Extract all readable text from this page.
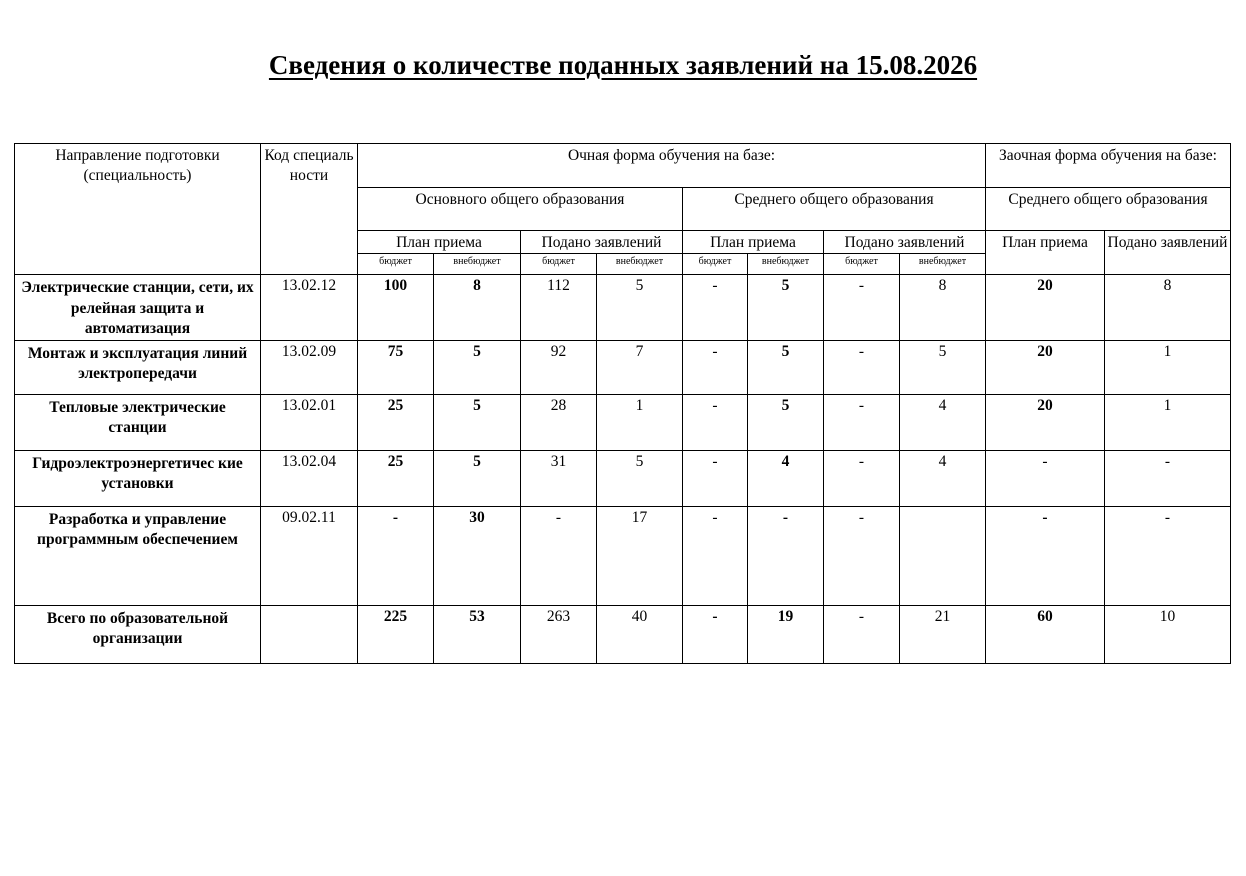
Сведения о количестве поданных заявлений на 15.08.2026
Направление подготовки (специальность)	Код специаль ности	Очная форма обучения на базе:								Заочная форма обучения на базе:	
		Основного общего образования				Среднего общего образования				Среднего общего образования	
		План приема		Подано заявлений		План приема		Подано заявлений		План приема	Подано заявлений
		бюджет	внебюджет	бюджет	внебюджет	бюджет	внебюджет	бюджет	внебюджет		
Электрические станции, сети, их релейная защита и автоматизация	13.02.12	100	8	112	5	-	5	-	8	20	8
Монтаж и эксплуатация линий электропередачи	13.02.09	75	5	92	7	-	5	-	5	20	1
Тепловые электрические станции	13.02.01	25	5	28	1	-	5	-	4	20	1
Гидроэлектроэнергетичес кие установки	13.02.04	25	5	31	5	-	4	-	4	-	-
Разработка и управление программным обеспечением	09.02.11	-	30	-	17	-	-	-		-	-
Всего по образовательной организации		225	53	263	40	-	19	-	21	60	10
